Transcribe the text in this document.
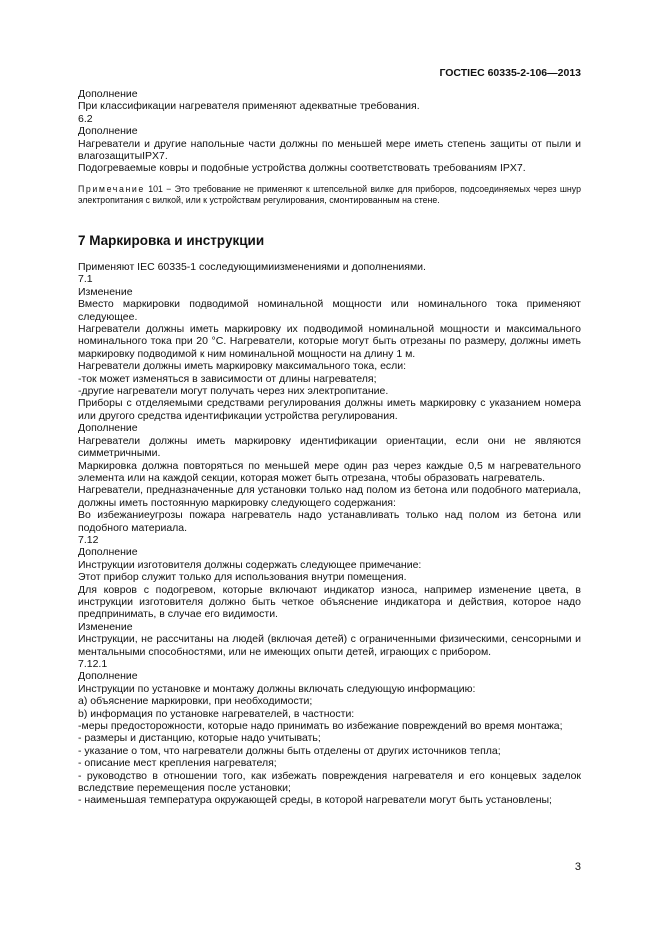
ГОСТIEC 60335-2-106—2013

Дополнение

При классификации нагревателя применяют адекватные требования.

6.2

Дополнение

Нагреватели и другие напольные части должны по меньшей мере иметь степень защиты от пыли и влагозащитыIPX7.

Подогреваемые ковры и подобные устройства должны соответствовать требованиям IPX7.

Примечание 101 − Это требование не применяют к штепсельной вилке для приборов, подсоединяемых через шнур электропитания с вилкой, или к устройствам регулирования, смонтированным на стене.

7 Маркировка и инструкции

Применяют IEC 60335-1 соследующимиизменениями и дополнениями.

7.1

Изменение

Вместо маркировки подводимой номинальной мощности или номинального тока применяют следующее.

Нагреватели должны иметь маркировку их подводимой номинальной мощности и максимального номинального тока при 20 °С. Нагреватели, которые могут быть отрезаны по размеру, должны иметь маркировку подводимой к ним номинальной мощности на длину 1 м.

Нагреватели должны иметь маркировку максимального тока, если:

-ток может изменяться в зависимости от длины нагревателя;

-другие нагреватели могут получать через них электропитание.

Приборы с отделяемыми средствами регулирования должны иметь маркировку с указанием номера или другого средства идентификации устройства регулирования.

Дополнение

Нагреватели должны иметь маркировку идентификации ориентации, если они не являются симметричными.

Маркировка должна повторяться по меньшей мере один раз через каждые 0,5 м нагревательного элемента или на каждой секции, которая может быть отрезана, чтобы образовать нагреватель.

Нагреватели, предназначенные для установки только над полом из бетона или подобного материала, должны иметь постоянную маркировку следующего содержания:

Во избежаниеугрозы пожара нагреватель надо устанавливать только над полом из бетона или подобного материала.

7.12

Дополнение

Инструкции изготовителя должны содержать следующее примечание:

Этот прибор служит только для использования внутри помещения.

Для ковров с подогревом, которые включают индикатор износа, например изменение цвета, в инструкции изготовителя должно быть четкое объяснение индикатора и действия, которое надо предпринимать, в случае его видимости.

Изменение

Инструкции, не рассчитаны на людей (включая детей) с ограниченными физическими, сенсорными и ментальными способностями, или не имеющих опыти детей, играющих с прибором.

7.12.1

Дополнение

Инструкции по установке и монтажу должны включать следующую информацию:

а) объяснение маркировки, при необходимости;

b) информация по установке нагревателей, в частности:

-меры предосторожности, которые надо принимать во избежание повреждений во время монтажа;

- размеры и дистанцию, которые надо учитывать;

- указание о том, что нагреватели должны быть отделены от других источников тепла;

- описание мест крепления нагревателя;

- руководство в отношении того, как избежать повреждения нагревателя и его концевых заделок вследствие перемещения после установки;

- наименьшая температура окружающей среды, в которой нагреватели могут быть установлены;

3
